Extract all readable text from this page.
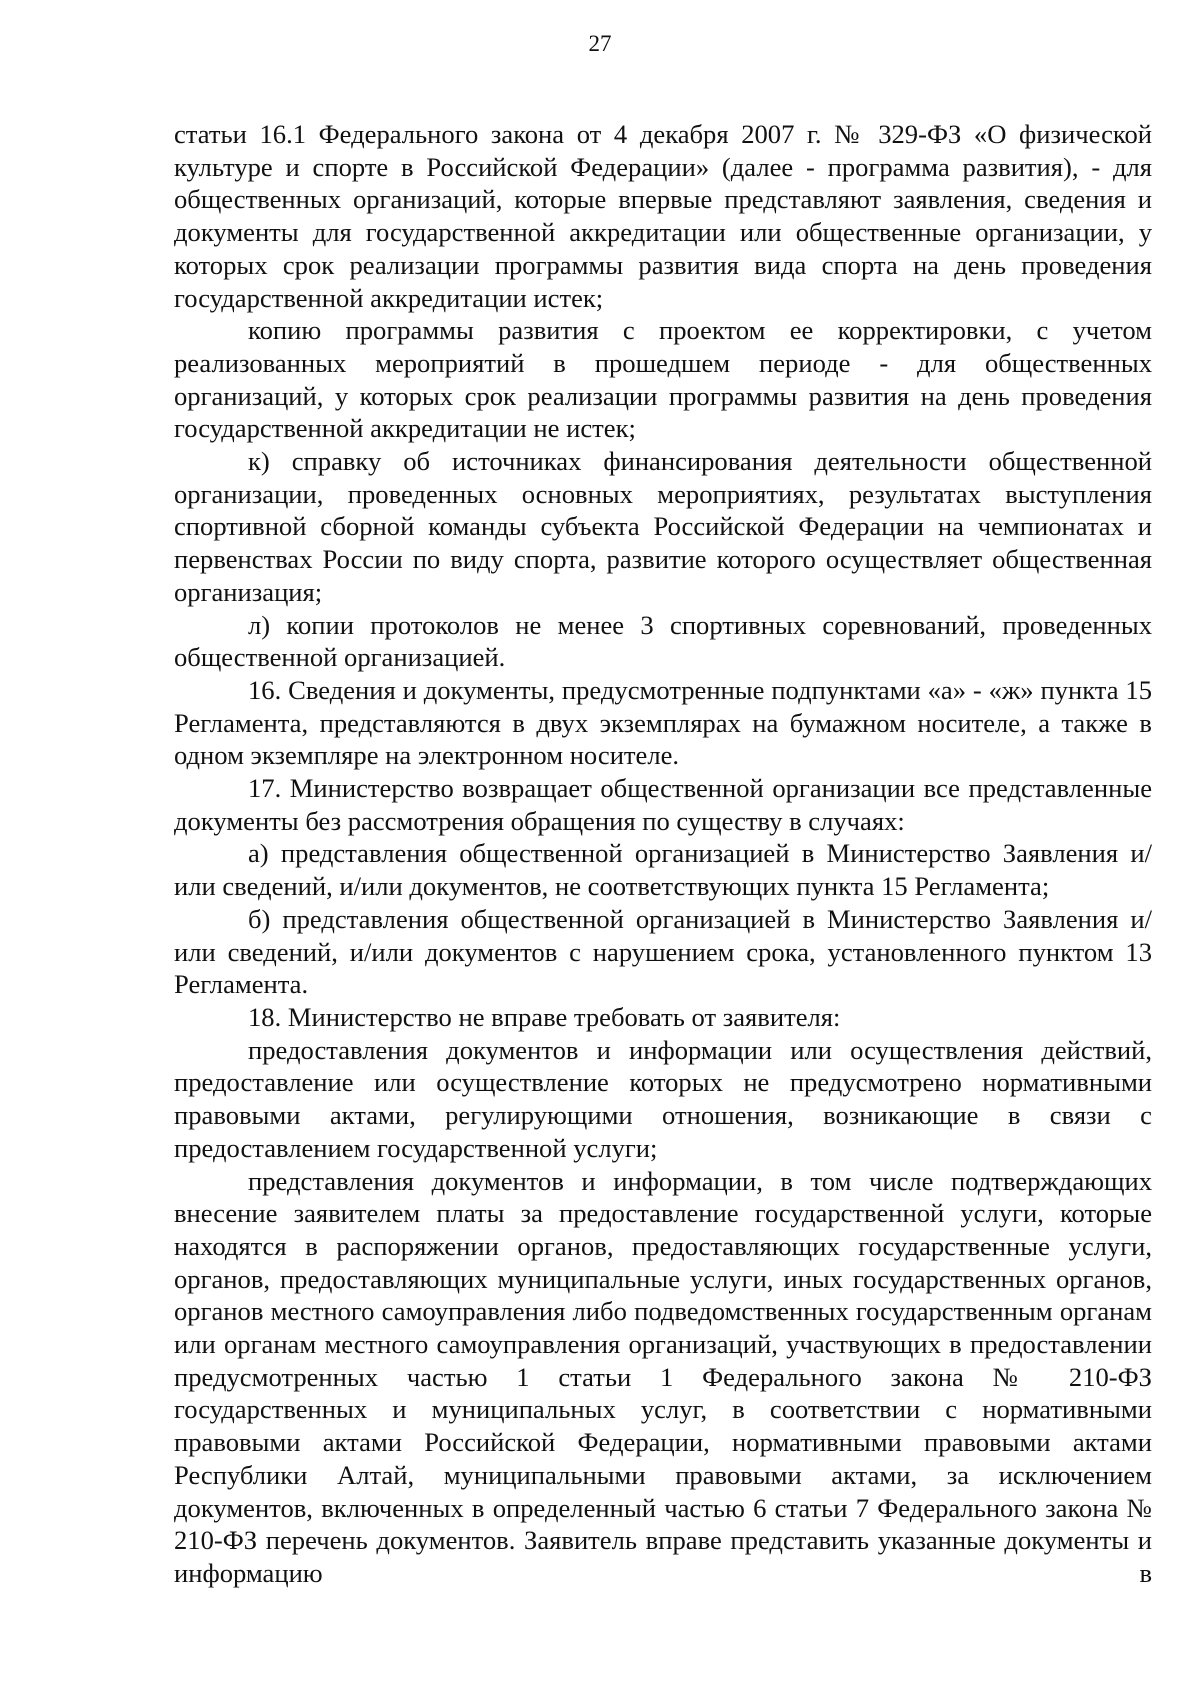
27

статьи 16.1 Федерального закона от 4 декабря 2007 г. № 329-ФЗ «О физической культуре и спорте в Российской Федерации» (далее - программа развития), - для общественных организаций, которые впервые представляют заявления, сведения и документы для государственной аккредитации или общественные организации, у которых срок реализации программы развития вида спорта на день проведения государственной аккредитации истек;

копию программы развития с проектом ее корректировки, с учетом реализованных мероприятий в прошедшем периоде - для общественных организаций, у которых срок реализации программы развития на день проведения государственной аккредитации не истек;

к) справку об источниках финансирования деятельности общественной организации, проведенных основных мероприятиях, результатах выступления спортивной сборной команды субъекта Российской Федерации на чемпионатах и первенствах России по виду спорта, развитие которого осуществляет общественная организация;

л) копии протоколов не менее 3 спортивных соревнований, проведенных общественной организацией.

16. Сведения и документы, предусмотренные подпунктами «а» - «ж» пункта 15 Регламента, представляются в двух экземплярах на бумажном носителе, а также в одном экземпляре на электронном носителе.

17. Министерство возвращает общественной организации все представленные документы без рассмотрения обращения по существу в случаях:

а) представления общественной организацией в Министерство Заявления и/или сведений, и/или документов, не соответствующих пункта 15 Регламента;

б) представления общественной организацией в Министерство Заявления и/или сведений, и/или документов с нарушением срока, установленного пунктом 13 Регламента.

18. Министерство не вправе требовать от заявителя:

предоставления документов и информации или осуществления действий, предоставление или осуществление которых не предусмотрено нормативными правовыми актами, регулирующими отношения, возникающие в связи с предоставлением государственной услуги;

представления документов и информации, в том числе подтверждающих внесение заявителем платы за предоставление государственной услуги, которые находятся в распоряжении органов, предоставляющих государственные услуги, органов, предоставляющих муниципальные услуги, иных государственных органов, органов местного самоуправления либо подведомственных государственным органам или органам местного самоуправления организаций, участвующих в предоставлении предусмотренных частью 1 статьи 1 Федерального закона № 210-ФЗ государственных и муниципальных услуг, в соответствии с нормативными правовыми актами Российской Федерации, нормативными правовыми актами Республики Алтай, муниципальными правовыми актами, за исключением документов, включенных в определенный частью 6 статьи 7 Федерального закона № 210-ФЗ перечень документов. Заявитель вправе представить указанные документы и информацию в
